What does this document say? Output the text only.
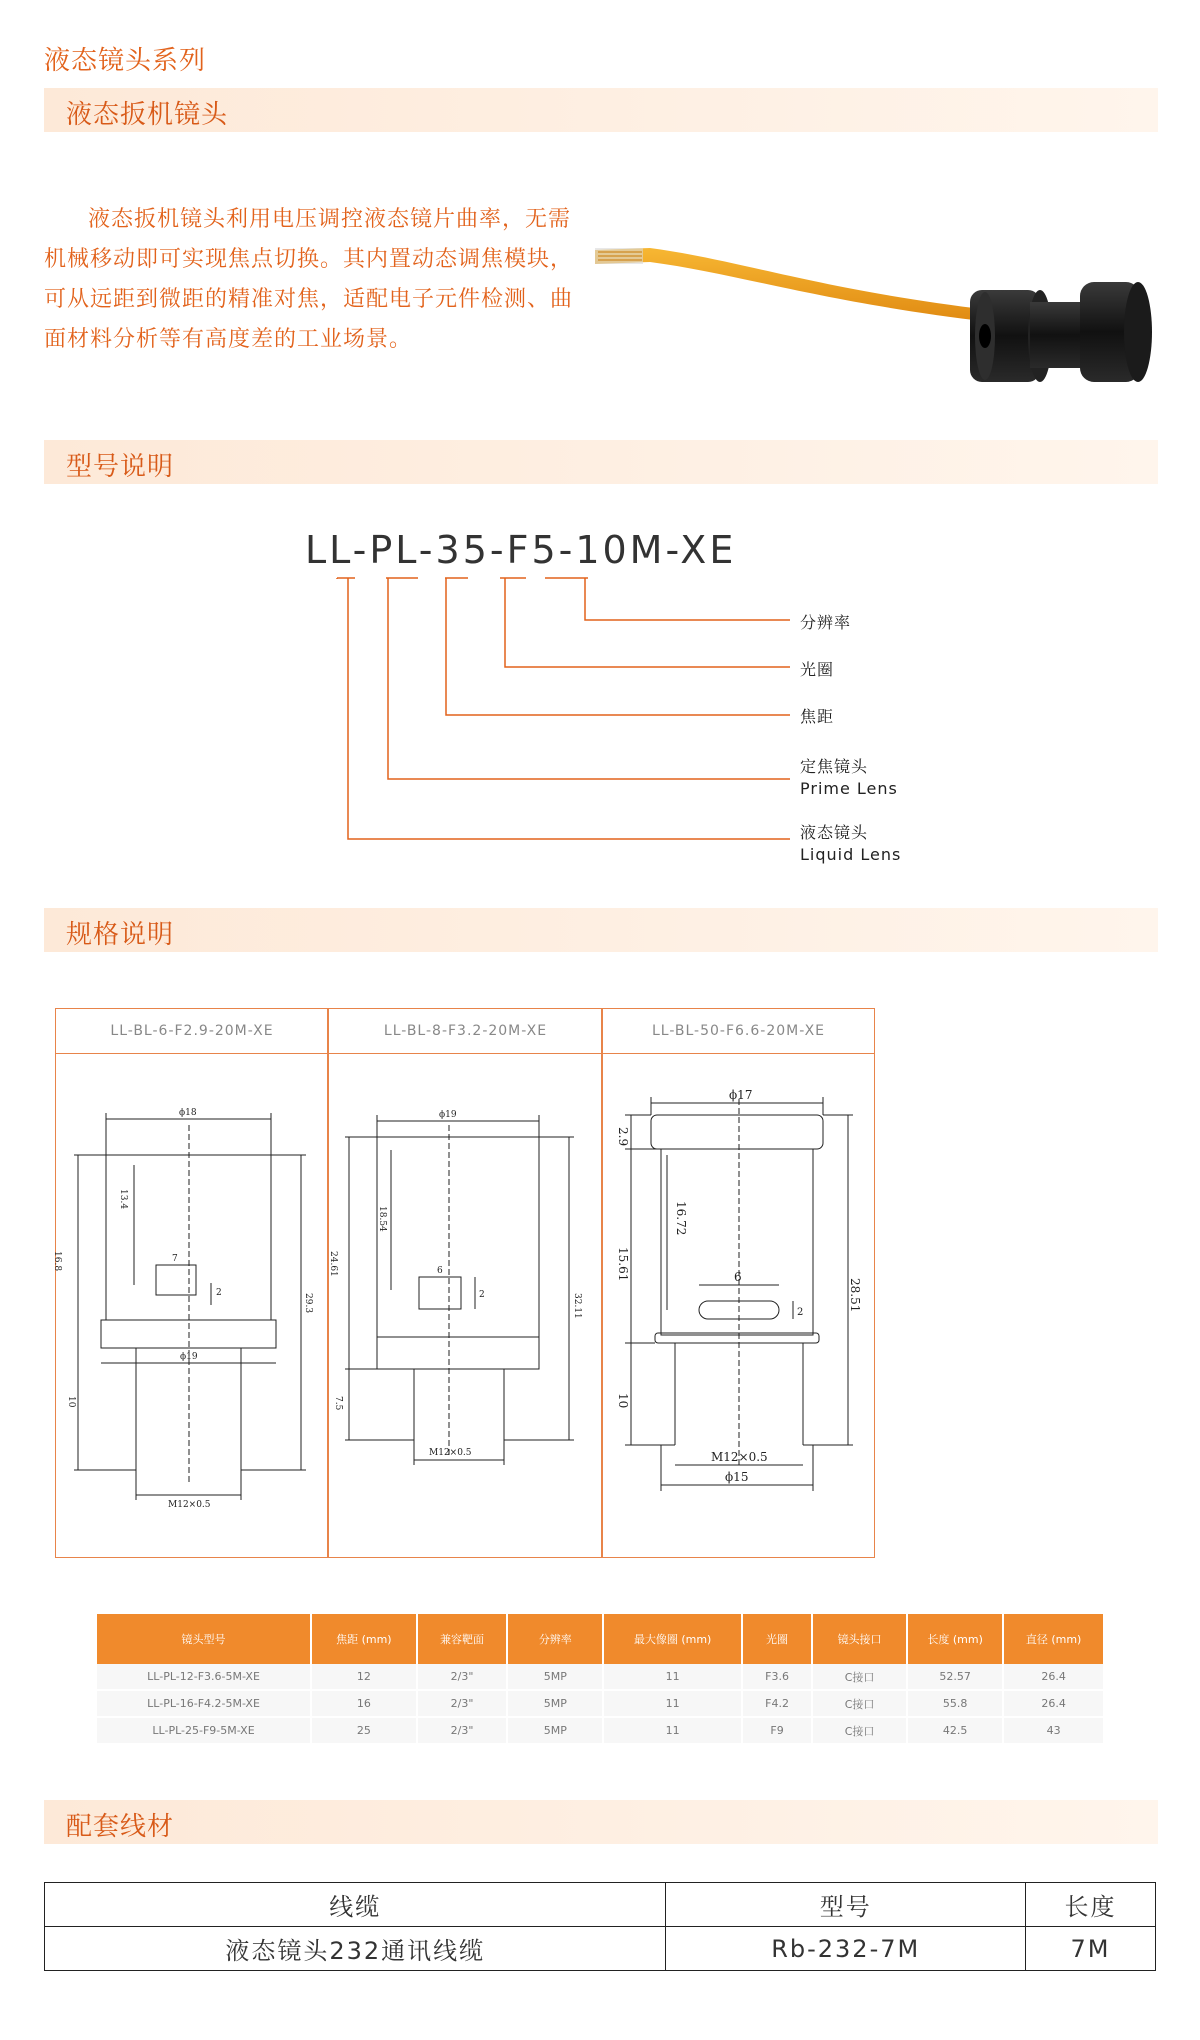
液态镜头系列
液态扳机镜头

液态扳机镜头利用电压调控液态镜片曲率，无需机械移动即可实现焦点切换。其内置动态调焦模块，可从远距到微距的精准对焦，适配电子元件检测、曲面材料分析等有高度差的工业场景。

型号说明
LL-PL-35-F5-10M-XE
分辨率
光圈
焦距
定焦镜头
Prime Lens
液态镜头
Liquid Lens
规格说明
LL-BL-6-F2.9-20M-XE	LL-BL-8-F3.2-20M-XE	LL-BL-50-F6.6-20M-XE
ϕ18
16.8
13.4
7
2	29.3
ϕ19
10
M12×0.5
ϕ19
24.61
18.54
6
2	32.11
7.5
M12×0.5
ϕ17
2.9
16.72
15.61	6
2
28.51
10
M12×0.5
ϕ15
镜头型号	焦距 (mm)	兼容靶面	分辨率	最大像圈 (mm)	光圈	镜头接口	长度 (mm)	直径 (mm)
LL-PL-12-F3.6-5M-XE	12	2/3"	5MP	11	F3.6	C接口	52.57	26.4
LL-PL-16-F4.2-5M-XE	16	2/3"	5MP	11	F4.2	C接口	55.8	26.4
LL-PL-25-F9-5M-XE	25	2/3"	5MP	11	F9	C接口	42.5	43
配套线材
线缆	型号	长度
液态镜头232通讯线缆	Rb-232-7M	7M
